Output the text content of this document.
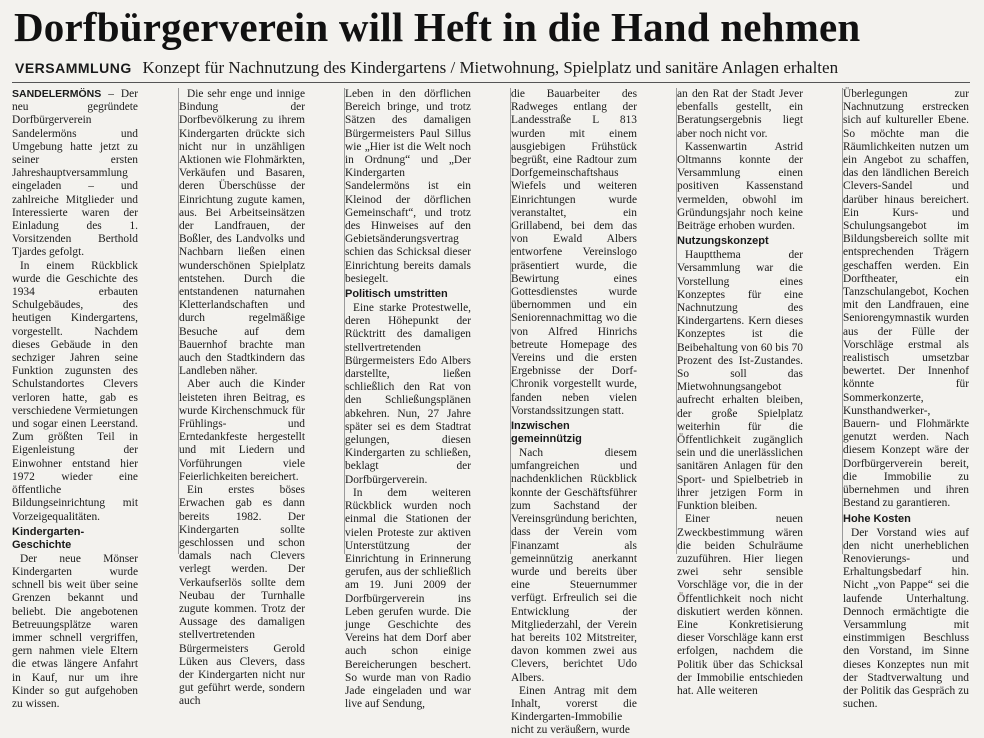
Dorfbürgerverein will Heft in die Hand nehmen
VERSAMMLUNG Konzept für Nachnutzung des Kindergartens / Mietwohnung, Spielplatz und sanitäre Anlagen erhalten

SANDELERMÖNS – Der neu gegründete Dorfbürgerverein Sandelermöns und Umgebung hatte jetzt zu seiner ersten Jahreshauptversammlung eingeladen – und zahlreiche Mitglieder und Interessierte waren der Einladung des 1. Vorsitzenden Berthold Tjardes gefolgt.

In einem Rückblick wurde die Geschichte des 1934 erbauten Schulgebäudes, des heutigen Kindergartens, vorgestellt. Nachdem dieses Gebäude in den sechziger Jahren seine Funktion zugunsten des Schulstandortes Clevers verloren hatte, gab es verschiedene Vermietungen und sogar einen Leerstand. Zum größten Teil in Eigenleistung der Einwohner entstand hier 1972 wieder eine öffentliche Bildungseinrichtung mit Vorzeigequalitäten.

Kindergarten-Geschichte

Der neue Mönser Kindergarten wurde schnell bis weit über seine Grenzen bekannt und beliebt. Die angebotenen Betreuungsplätze waren immer schnell vergriffen, gern nahmen viele Eltern die etwas längere Anfahrt in Kauf, nur um ihre Kinder so gut aufgehoben zu wissen.

Die sehr enge und innige Bindung der Dorfbevölkerung zu ihrem Kindergarten drückte sich nicht nur in unzähligen Aktionen wie Flohmärkten, Verkäufen und Basaren, deren Überschüsse der Einrichtung zugute kamen, aus. Bei Arbeitseinsätzen der Landfrauen, der Boßler, des Landvolks und Nachbarn ließen einen wunderschönen Spielplatz entstehen. Durch die entstandenen naturnahen Kletterlandschaften und durch regelmäßige Besuche auf dem Bauernhof brachte man auch den Stadtkindern das Landleben näher.

Aber auch die Kinder leisteten ihren Beitrag, es wurde Kirchenschmuck für Frühlings- und Erntedankfeste hergestellt und mit Liedern und Vorführungen viele Feierlichkeiten bereichert.

Ein erstes böses Erwachen gab es dann bereits 1982. Der Kindergarten sollte geschlossen und schon damals nach Clevers verlegt werden. Der Verkaufserlös sollte dem Neubau der Turnhalle zugute kommen. Trotz der Aussage des damaligen stellvertretenden Bürgermeisters Gerold Lüken aus Clevers, dass der Kindergarten nicht nur gut geführt werde, sondern auch

Leben in den dörflichen Bereich bringe, und trotz Sätzen des damaligen Bürgermeisters Paul Sillus wie „Hier ist die Welt noch in Ordnung“ und „Der Kindergarten Sandelermöns ist ein Kleinod der dörflichen Gemeinschaft“, und trotz des Hinweises auf den Gebietsänderungsvertrag schien das Schicksal dieser Einrichtung bereits damals besiegelt.

Politisch umstritten

Eine starke Protestwelle, deren Höhepunkt der Rücktritt des damaligen stellvertretenden Bürgermeisters Edo Albers darstellte, ließen schließlich den Rat von den Schließungsplänen abkehren. Nun, 27 Jahre später sei es dem Stadtrat gelungen, diesen Kindergarten zu schließen, beklagt der Dorfbürgerverein.

In dem weiteren Rückblick wurden noch einmal die Stationen der vielen Proteste zur aktiven Unterstützung der Einrichtung in Erinnerung gerufen, aus der schließlich am 19. Juni 2009 der Dorfbürgerverein ins Leben gerufen wurde. Die junge Geschichte des Vereins hat dem Dorf aber auch schon einige Bereicherungen beschert. So wurde man von Radio Jade eingeladen und war live auf Sendung,

die Bauarbeiter des Radweges entlang der Landesstraße L 813 wurden mit einem ausgiebigen Frühstück begrüßt, eine Radtour zum Dorfgemeinschaftshaus Wiefels und weiteren Einrichtungen wurde veranstaltet, ein Grillabend, bei dem das von Ewald Albers entworfene Vereinslogo präsentiert wurde, die Bewirtung eines Gottesdienstes wurde übernommen und ein Seniorennachmittag wo die von Alfred Hinrichs betreute Homepage des Vereins und die ersten Ergebnisse der Dorf-Chronik vorgestellt wurde, fanden neben vielen Vorstandssitzungen statt.

Inzwischen gemeinnützig

Nach diesem umfangreichen und nachdenklichen Rückblick konnte der Geschäftsführer zum Sachstand der Vereinsgründung berichten, dass der Verein vom Finanzamt als gemeinnützig anerkannt wurde und bereits über eine Steuernummer verfügt. Erfreulich sei die Entwicklung der Mitgliederzahl, der Verein hat bereits 102 Mitstreiter, davon kommen zwei aus Clevers, berichtet Udo Albers.

Einen Antrag mit dem Inhalt, vorerst die Kindergarten-Immobilie nicht zu veräußern, wurde

an den Rat der Stadt Jever ebenfalls gestellt, ein Beratungsergebnis liegt aber noch nicht vor.

Kassenwartin Astrid Oltmanns konnte der Versammlung einen positiven Kassenstand vermelden, obwohl im Gründungsjahr noch keine Beiträge erhoben wurden.

Nutzungskonzept

Hauptthema der Versammlung war die Vorstellung eines Konzeptes für eine Nachnutzung des Kindergartens. Kern dieses Konzeptes ist die Beibehaltung von 60 bis 70 Prozent des Ist-Zustandes. So soll das Mietwohnungsangebot aufrecht erhalten bleiben, der große Spielplatz weiterhin für die Öffentlichkeit zugänglich sein und die unerlässlichen sanitären Anlagen für den Sport- und Spielbetrieb in ihrer jetzigen Form in Funktion bleiben.

Einer neuen Zweckbestimmung wären die beiden Schulräume zuzuführen. Hier liegen zwei sehr sensible Vorschläge vor, die in der Öffentlichkeit noch nicht diskutiert werden können. Eine Konkretisierung dieser Vorschläge kann erst erfolgen, nachdem die Politik über das Schicksal der Immobilie entschieden hat. Alle weiteren

Überlegungen zur Nachnutzung erstrecken sich auf kultureller Ebene. So möchte man die Räumlichkeiten nutzen um ein Angebot zu schaffen, das den ländlichen Bereich Clevers-Sandel und darüber hinaus bereichert. Ein Kurs- und Schulungsangebot im Bildungsbereich sollte mit entsprechenden Trägern geschaffen werden. Ein Dorftheater, ein Tanzschulangebot, Kochen mit den Landfrauen, eine Seniorengymnastik wurden aus der Fülle der Vorschläge erstmal als realistisch umsetzbar bewertet. Der Innenhof könnte für Sommerkonzerte, Kunsthandwerker-, Bauern- und Flohmärkte genutzt werden. Nach diesem Konzept wäre der Dorfbürgerverein bereit, die Immobilie zu übernehmen und ihren Bestand zu garantieren.

Hohe Kosten

Der Vorstand wies auf den nicht unerheblichen Renovierungs- und Erhaltungsbedarf hin. Nicht „von Pappe“ sei die laufende Unterhaltung. Dennoch ermächtigte die Versammlung mit einstimmigen Beschluss den Vorstand, im Sinne dieses Konzeptes nun mit der Stadtverwaltung und der Politik das Gespräch zu suchen.
